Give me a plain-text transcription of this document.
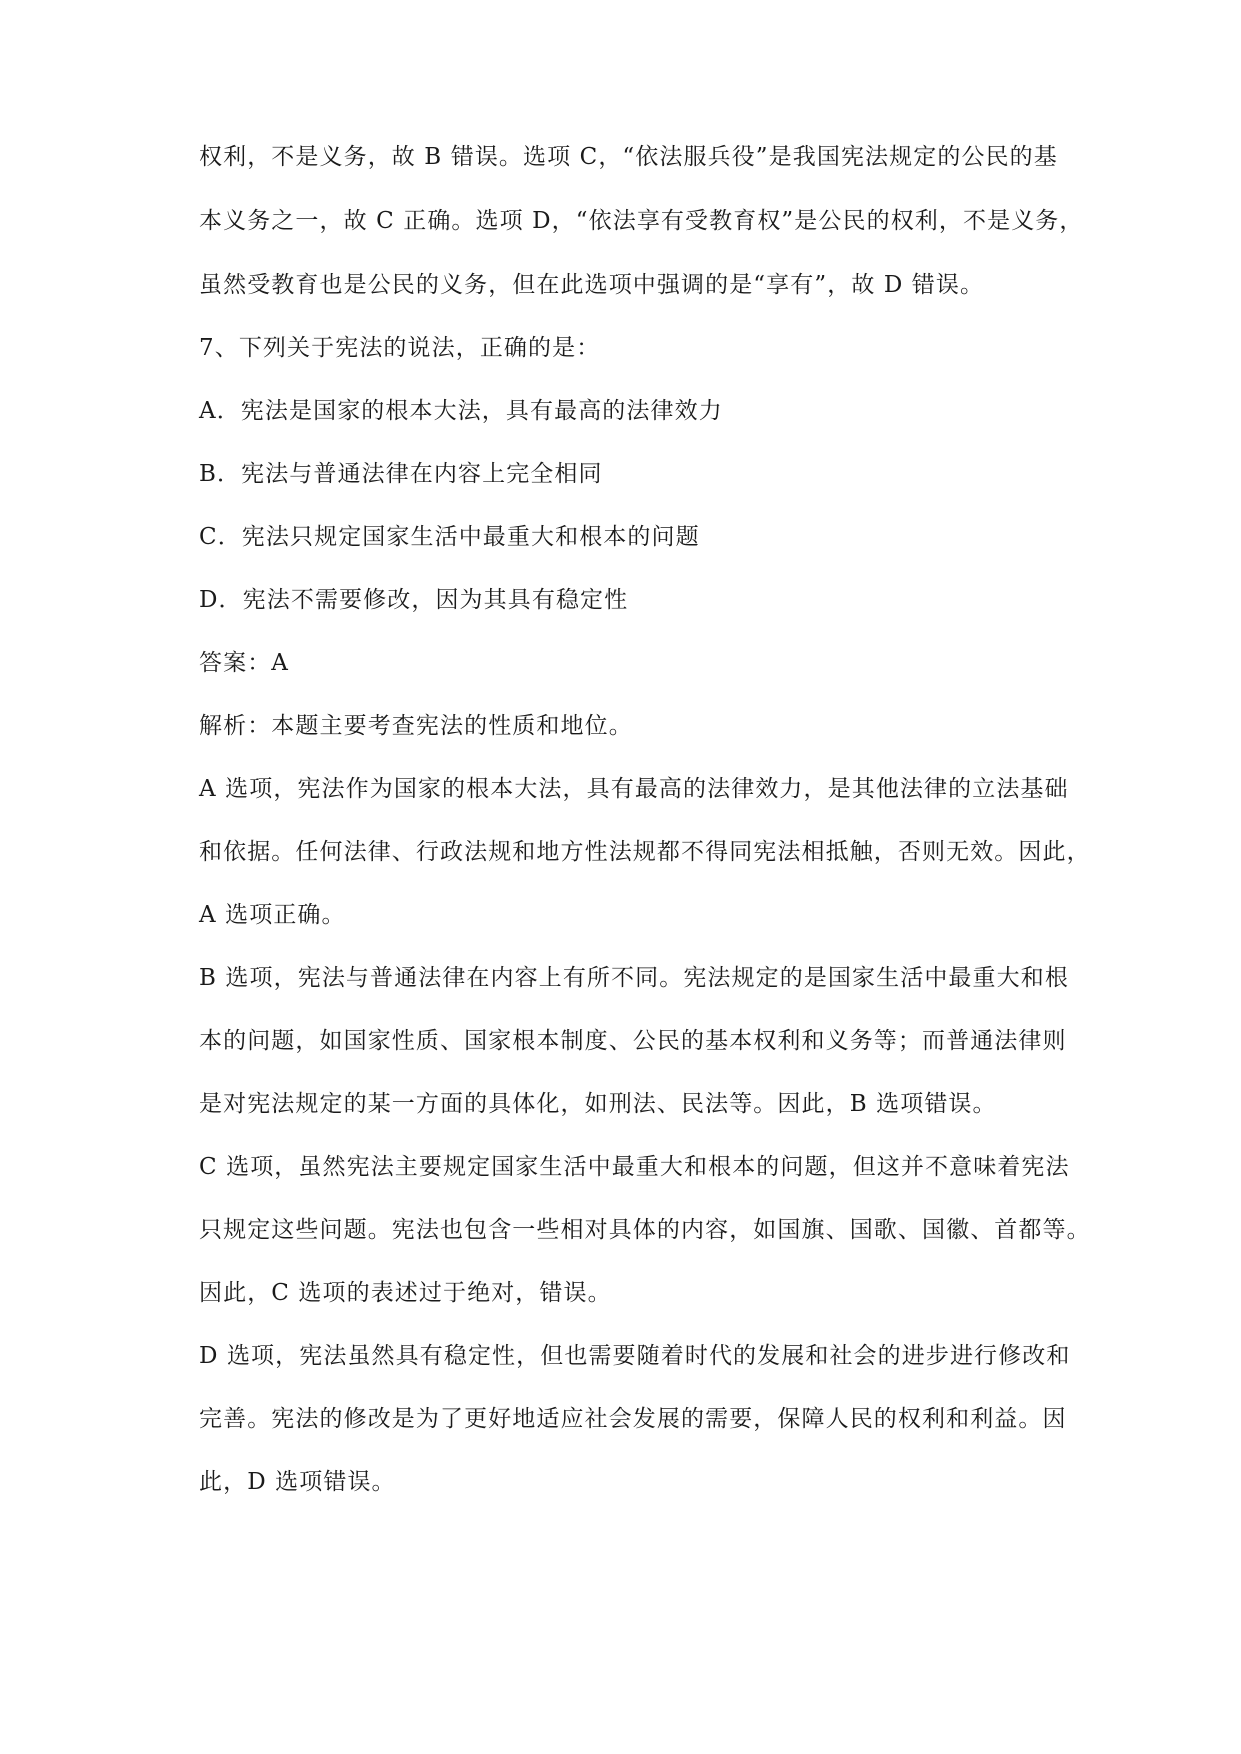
权利，不是义务，故 B 错误。选项 C，“依法服兵役”是我国宪法规定的公民的基
本义务之一，故 C 正确。选项 D，“依法享有受教育权”是公民的权利，不是义务，
虽然受教育也是公民的义务，但在此选项中强调的是“享有”，故 D 错误。
7、下列关于宪法的说法，正确的是：
A．宪法是国家的根本大法，具有最高的法律效力
B．宪法与普通法律在内容上完全相同
C．宪法只规定国家生活中最重大和根本的问题
D．宪法不需要修改，因为其具有稳定性
答案：A
解析：本题主要考查宪法的性质和地位。
A 选项，宪法作为国家的根本大法，具有最高的法律效力，是其他法律的立法基础
和依据。任何法律、行政法规和地方性法规都不得同宪法相抵触，否则无效。因此，
A 选项正确。
B 选项，宪法与普通法律在内容上有所不同。宪法规定的是国家生活中最重大和根
本的问题，如国家性质、国家根本制度、公民的基本权利和义务等；而普通法律则
是对宪法规定的某一方面的具体化，如刑法、民法等。因此，B 选项错误。
C 选项，虽然宪法主要规定国家生活中最重大和根本的问题，但这并不意味着宪法
只规定这些问题。宪法也包含一些相对具体的内容，如国旗、国歌、国徽、首都等。
因此，C 选项的表述过于绝对，错误。
D 选项，宪法虽然具有稳定性，但也需要随着时代的发展和社会的进步进行修改和
完善。宪法的修改是为了更好地适应社会发展的需要，保障人民的权利和利益。因
此，D 选项错误。
